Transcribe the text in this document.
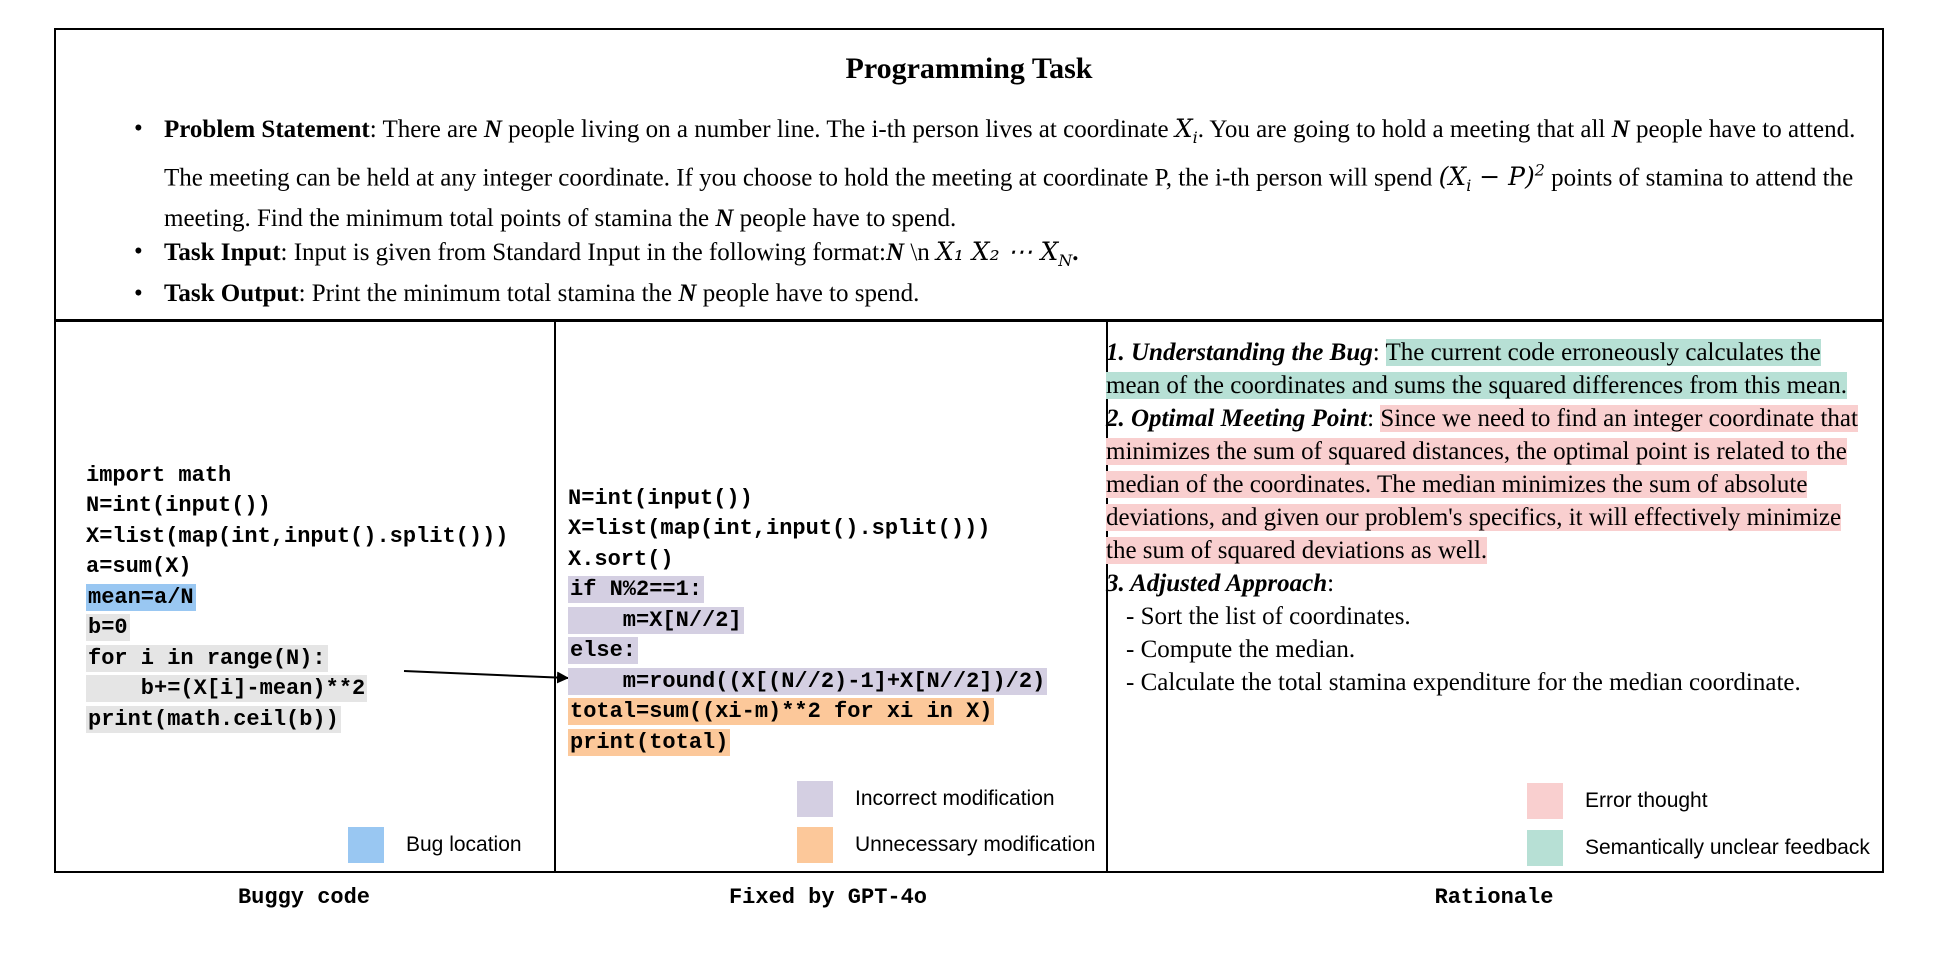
Programming Task
• Problem Statement: There are N people living on a number line. The i-th person lives at coordinate $X_i$. You are going to hold a meeting that all N people have to attend. The meeting can be held at any integer coordinate. If you choose to hold the meeting at coordinate P, the i-th person will spend $(X_i - P)^2$ points of stamina to attend the meeting. Find the minimum total points of stamina the N people have to spend.
• Task Input: Input is given from Standard Input in the following format:N \n X₁ X₂ ⋯ $X_N$.
• Task Output: Print the minimum total stamina the N people have to spend.

import math
N=int(input())
X=list(map(int,input().split()))
a=sum(X)
mean=a/N
b=0
for i in range(N):
b+=(X[i]-mean)**2
print(math.ceil(b))

Bug location

N=int(input())
X=list(map(int,input().split()))
X.sort()
if N%2==1:
m=X[N//2]
else:
m=round((X[(N//2)-1]+X[N//2])/2)
total=sum((xi-m)**2 for xi in X)
print(total)

Incorrect modification
Unnecessary modification
1. Understanding the Bug: The current code erroneously calculates the mean of the coordinates and sums the squared differences from this mean.
2. Optimal Meeting Point: Since we need to find an integer coordinate that minimizes the sum of squared distances, the optimal point is related to the median of the coordinates. The median minimizes the sum of absolute deviations, and given our problem's specifics, it will effectively minimize the sum of squared deviations as well.
3. Adjusted Approach:
- Sort the list of coordinates.
- Compute the median.
- Calculate the total stamina expenditure for the median coordinate.
Error thought
Semantically unclear feedback
Buggy code	Fixed by GPT-4o	Rationale
